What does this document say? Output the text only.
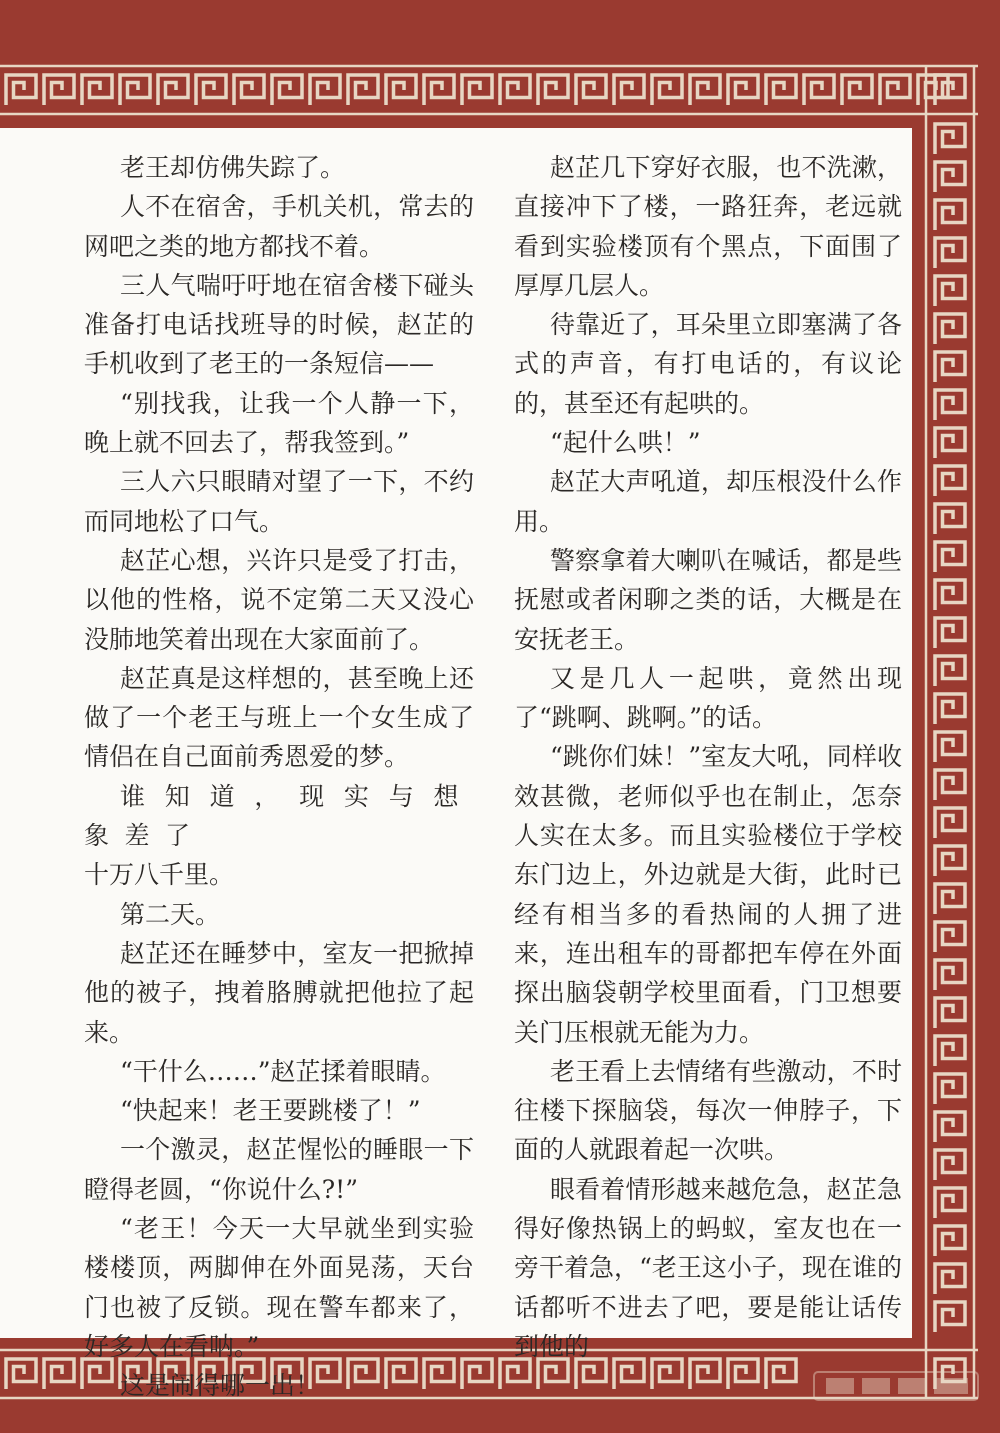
老王却仿佛失踪了。

人不在宿舍，手机关机，常去的网吧之类的地方都找不着。

三人气喘吁吁地在宿舍楼下碰头准备打电话找班导的时候，赵芷的手机收到了老王的一条短信——

“别找我，让我一个人静一下，晚上就不回去了，帮我签到。”

三人六只眼睛对望了一下，不约而同地松了口气。

赵芷心想，兴许只是受了打击，以他的性格，说不定第二天又没心没肺地笑着出现在大家面前了。

赵芷真是这样想的，甚至晚上还做了一个老王与班上一个女生成了情侣在自己面前秀恩爱的梦。

谁知道，现实与想象差了

十万八千里。

第二天。

赵芷还在睡梦中，室友一把掀掉他的被子，拽着胳膊就把他拉了起来。

“干什么……”赵芷揉着眼睛。

“快起来！老王要跳楼了！”

一个激灵，赵芷惺忪的睡眼一下瞪得老圆，“你说什么?!”

“老王！今天一大早就坐到实验楼楼顶，两脚伸在外面晃荡，天台门也被了反锁。现在警车都来了，好多人在看呐。”

这是闹得哪一出！

赵芷几下穿好衣服，也不洗漱，直接冲下了楼，一路狂奔，老远就看到实验楼顶有个黑点，下面围了厚厚几层人。

待靠近了，耳朵里立即塞满了各式的声音，有打电话的，有议论的，甚至还有起哄的。

“起什么哄！”

赵芷大声吼道，却压根没什么作用。

警察拿着大喇叭在喊话，都是些抚慰或者闲聊之类的话，大概是在安抚老王。

又是几人一起哄，竟然出现了“跳啊、跳啊。”的话。

“跳你们妹！”室友大吼，同样收效甚微，老师似乎也在制止，怎奈人实在太多。而且实验楼位于学校东门边上，外边就是大街，此时已经有相当多的看热闹的人拥了进来，连出租车的哥都把车停在外面探出脑袋朝学校里面看，门卫想要关门压根就无能为力。

老王看上去情绪有些激动，不时往楼下探脑袋，每次一伸脖子，下面的人就跟着起一次哄。

眼看着情形越来越危急，赵芷急得好像热锅上的蚂蚁，室友也在一旁干着急，“老王这小子，现在谁的话都听不进去了吧，要是能让话传到他的
